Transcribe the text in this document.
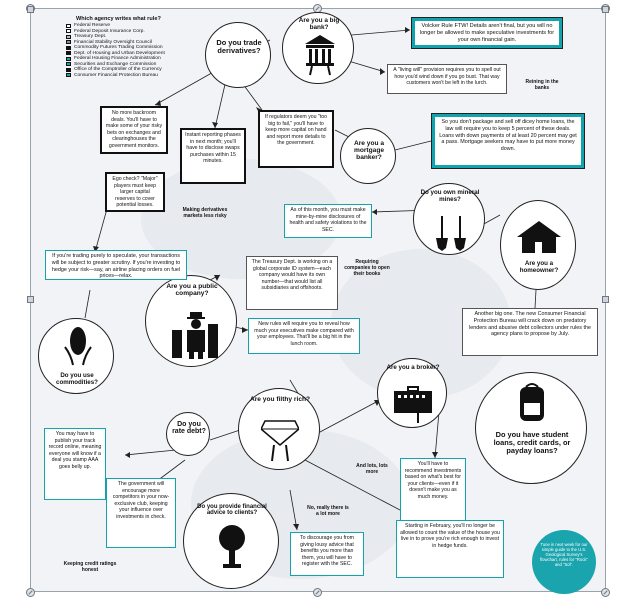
Which agency writes what rule?
Federal Reserve
Federal Deposit Insurance Corp.
Treasury Dept.
Financial Stability Oversight Council
Commodity Futures Trading Commission
Dept. of Housing and Urban Development
Federal Housing Finance Administration
Securities and Exchange Commission
Office of the Comptroller of the Currency
Consumer Financial Protection Bureau
Do you trade derivatives?
Are you a big bank?
Are you a mortgage banker?
Do you own mineral mines?
Are you a homeowner?
Are you a public company?
Do you use commodities?
Are you a broker?
Do you have student loans, credit cards, or payday loans?
Are you filthy rich?
Do you rate debt?
Do you provide financial advice to clients?
Volcker Rule FTW! Details aren't final, but you will no longer be allowed to make speculative investments for your own financial gain.
A "living will" provision requires you to spell out how you'd wind down if you go bust. That way customers won't be left in the lurch.	Reining in the banks
No more backroom deals. You'll have to make some of your risky bets on exchanges and clearinghouses the government monitors.
Instant reporting phases in next month; you'll have to disclose swaps purchases within 15 minutes.
If regulators deem you "too big to fail," you'll have to keep more capital on hand and report more details to the government.
So you don't package and sell off dicey home loans, the law will require you to keep 5 percent of these deals. Loans with down payments of at least 20 percent may get a pass. Mortgage seekers may have to put more money down.
Ego check? "Major" players must keep larger capital reserves to cover potential losses.
Making derivatives markets less risky
As of this month, you must make mine-by-mine disclosures of health and safety violations to the SEC.
If you're trading purely to speculate, your transactions will be subject to greater scrutiny. If you're investing to hedge your risk—say, an airline placing orders on fuel prices—relax.
The Treasury Dept. is working on a global corporate ID system—each company would have its own number—that would list all subsidiaries and offshoots.
Requiring companies to open their books
Another big one. The new Consumer Financial Protection Bureau will crack down on predatory lenders and abusive debt collectors under rules the agency plans to propose by July.
New rules will require you to reveal how much your executives make compared with your employees. That'll be a big hit in the lunch room.
You may have to publish your track record online, meaning everyone will know if a deal you stamp AAA goes belly up.
The government will encourage more competitors in your now-exclusive club, keeping your influence over investments in check.
Keeping credit ratings honest
You'll have to recommend investments based on what's best for your clients—even if it doesn't make you as much money.
And lots, lots more
No, really there is a lot more
Starting in February, you'll no longer be allowed to count the value of the house you live in to prove you're rich enough to invest in hedge funds.
To discourage you from giving lousy advice that benefits you more than them, you will have to register with the SEC.
Tune in next week for our simple guide to the U.S. Geological Survey's flowchart, rules for "Rock" and "Sol".
